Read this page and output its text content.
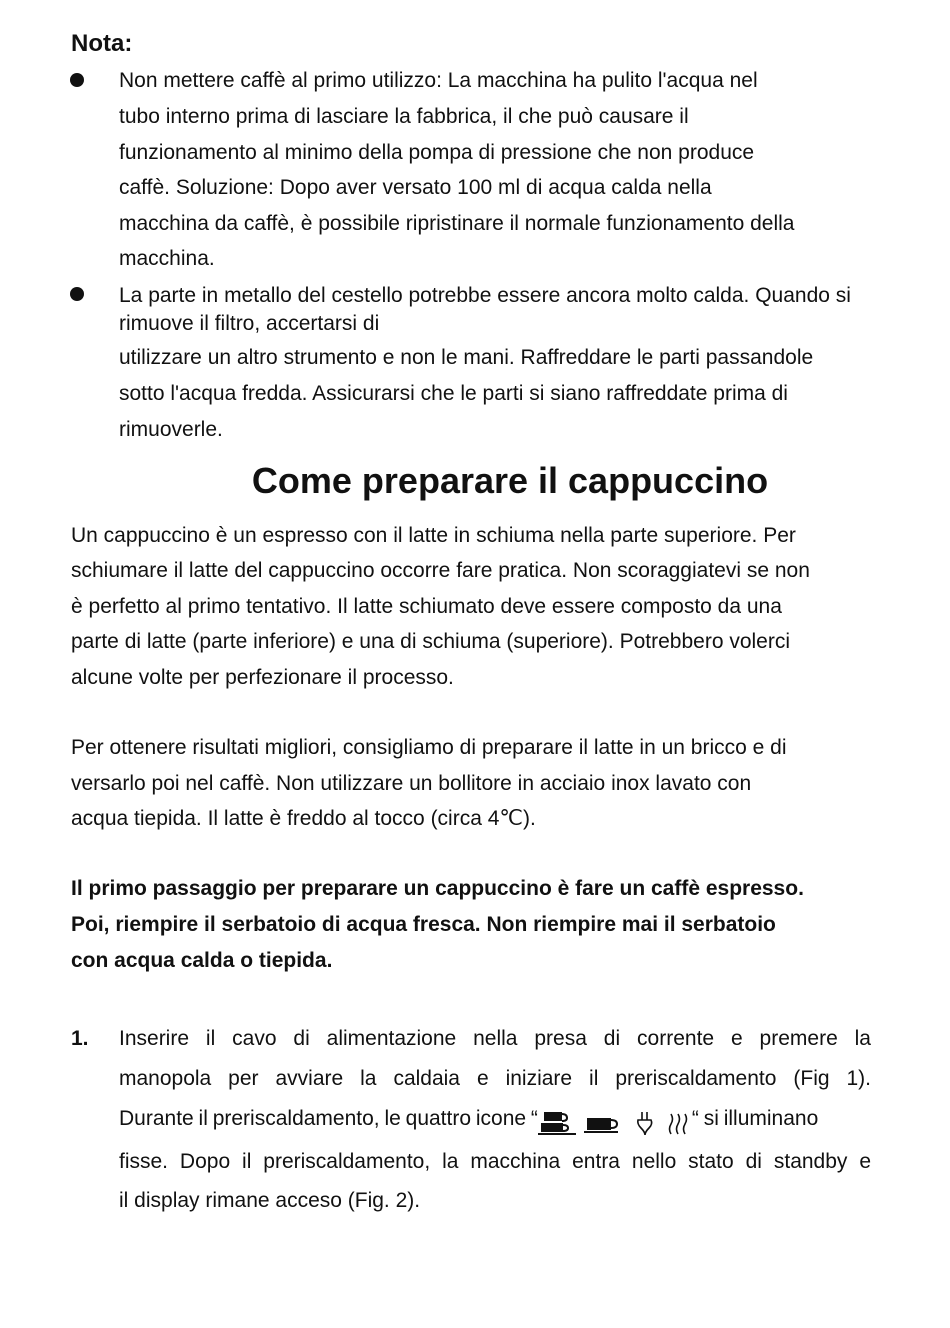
Nota:
Non mettere caffè al primo utilizzo: La macchina ha pulito l'acqua nel
tubo interno prima di lasciare la fabbrica, il che può causare il
funzionamento al minimo della pompa di pressione che non produce
caffè. Soluzione: Dopo aver versato 100 ml di acqua calda nella
macchina da caffè, è possibile ripristinare il normale funzionamento della
macchina.
La parte in metallo del cestello potrebbe essere ancora molto calda. Quando si
rimuove il filtro, accertarsi di
utilizzare un altro strumento e non le mani. Raffreddare le parti passandole
sotto l'acqua fredda. Assicurarsi che le parti si siano raffreddate prima di
rimuoverle.
Come preparare il cappuccino
Un cappuccino è un espresso con il latte in schiuma nella parte superiore. Per
schiumare il latte del cappuccino occorre fare pratica. Non scoraggiatevi se non
è perfetto al primo tentativo. Il latte schiumato deve essere composto da una
parte di latte (parte inferiore) e una di schiuma (superiore). Potrebbero volerci
alcune volte per perfezionare il processo.
Per ottenere risultati migliori, consigliamo di preparare il latte in un bricco e di
versarlo poi nel caffè. Non utilizzare un bollitore in acciaio inox lavato con
acqua tiepida. Il latte è freddo al tocco (circa 4℃).
Il primo passaggio per preparare un cappuccino è fare un caffè espresso.
Poi, riempire il serbatoio di acqua fresca. Non riempire mai il serbatoio
con acqua calda o tiepida.
1. Inserire il cavo di alimentazione nella presa di corrente e premere la
manopola per avviare la caldaia e iniziare il preriscaldamento (Fig 1).
Durante il preriscaldamento, le quattro icone “	“ si illuminano
fisse. Dopo il preriscaldamento, la macchina entra nello stato di standby e
il display rimane acceso (Fig. 2).
